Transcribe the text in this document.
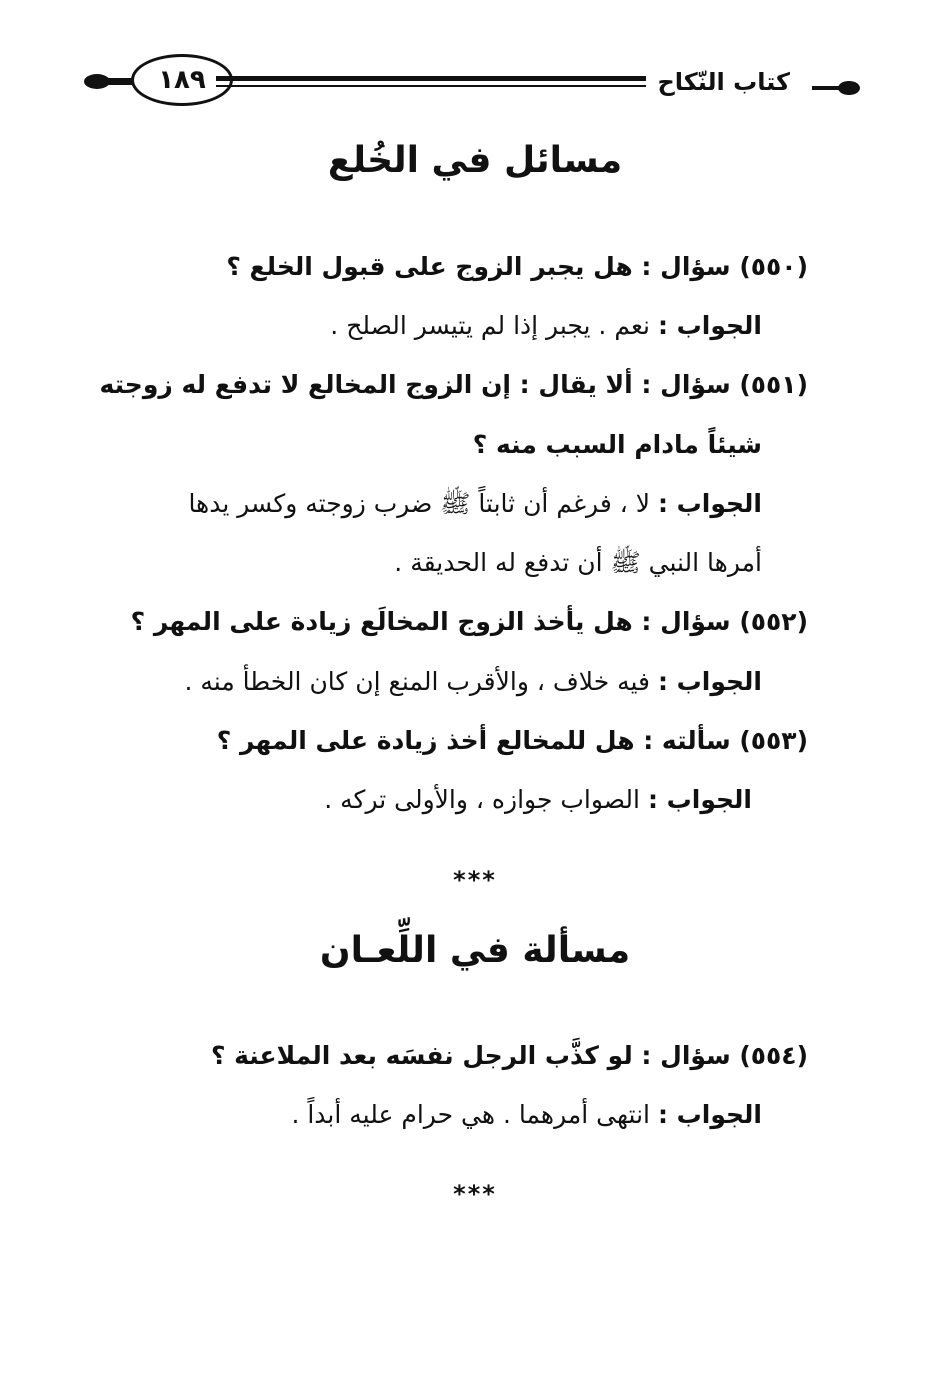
١٨٩	كتاب النّكاح
مسائل في الخُلع
(٥٥٠) سؤال : هل يجبر الزوج على قبول الخلع ؟
الجواب : نعم . يجبر إذا لم يتيسر الصلح .
(٥٥١) سؤال : ألا يقال : إن الزوج المخالع لا تدفع له زوجته
شيئاً مادام السبب منه ؟
الجواب : لا ، فرغم أن ثابتاً ﷺ ضرب زوجته وكسر يدها
أمرها النبي ﷺ أن تدفع له الحديقة .
(٥٥٢) سؤال : هل يأخذ الزوج المخالَع زيادة على المهر ؟
الجواب : فيه خلاف ، والأقرب المنع إن كان الخطأ منه .
(٥٥٣) سألته : هل للمخالع أخذ زيادة على المهر ؟
الجواب : الصواب جوازه ، والأولى تركه .
***
مسألة في اللِّعـان
(٥٥٤) سؤال : لو كذَّب الرجل نفسَه بعد الملاعنة ؟
الجواب : انتهى أمرهما . هي حرام عليه أبداً .
***
